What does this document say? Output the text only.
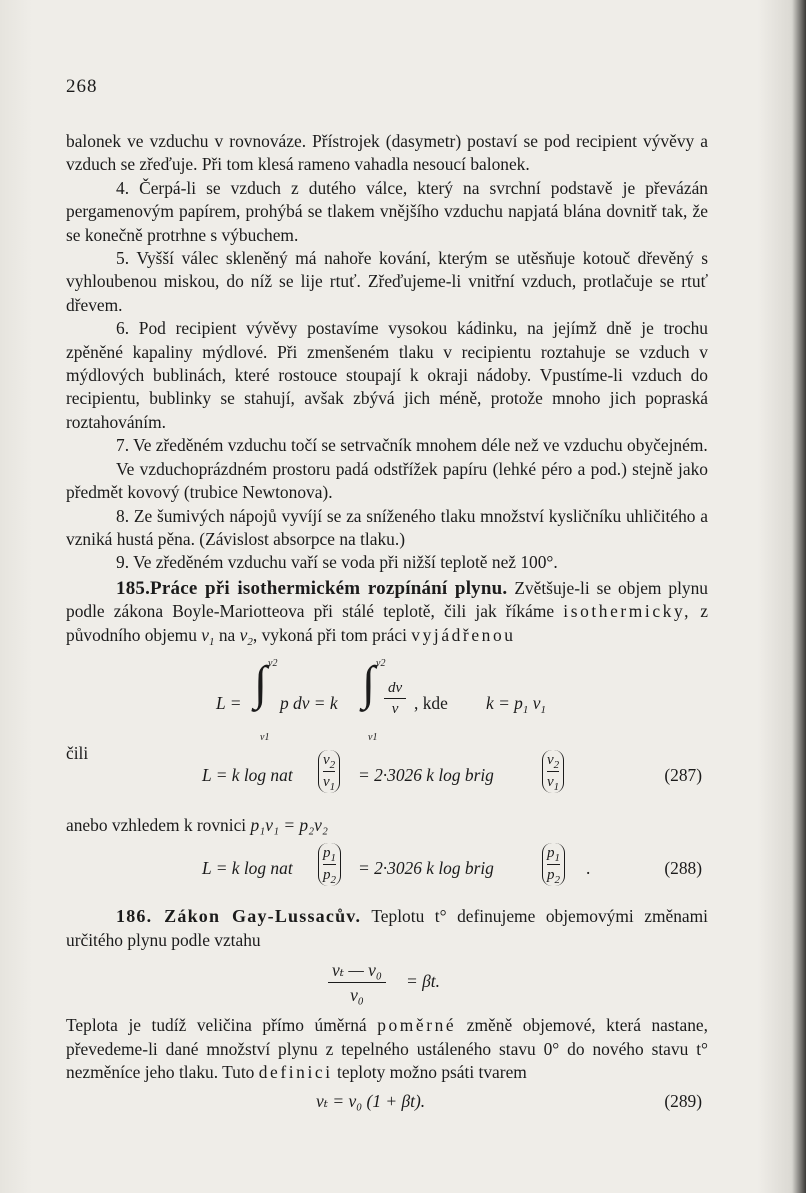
268

balonek ve vzduchu v rovnováze. Přístrojek (dasymetr) postaví se pod recipient vývěvy a vzduch se zřeďuje. Při tom klesá rameno vahadla nesoucí balonek.

4. Čerpá-li se vzduch z dutého válce, který na svrchní podstavě je převázán pergamenovým papírem, prohýbá se tlakem vnějšího vzduchu napjatá blána dovnitř tak, že se konečně protrhne s výbuchem.

5. Vyšší válec skleněný má nahoře kování, kterým se utěsňuje kotouč dřevěný s vyhloubenou miskou, do níž se lije rtuť. Zřeďujeme-li vnitřní vzduch, protlačuje se rtuť dřevem.

6. Pod recipient vývěvy postavíme vysokou kádinku, na jejímž dně je trochu zpěněné kapaliny mýdlové. Při zmenšeném tlaku v recipientu roztahuje se vzduch v mýdlových bublinách, které rostouce stoupají k okraji nádoby. Vpustíme-li vzduch do recipientu, bublinky se stahují, avšak zbývá jich méně, protože mnoho jich popraská roztahováním.

7. Ve zředěném vzduchu točí se setrvačník mnohem déle než ve vzduchu obyčejném.

Ve vzduchoprázdném prostoru padá odstřížek papíru (lehké péro a pod.) stejně jako předmět kovový (trubice Newtonova).

8. Ze šumivých nápojů vyvíjí se za sníženého tlaku množství kysličníku uhličitého a vzniká hustá pěna. (Závislost absorpce na tlaku.)

9. Ve zředěném vzduchu vaří se voda při nižší teplotě než 100°.

185.Práce při isothermickém rozpínání plynu. Zvětšuje-li se objem plynu podle zákona Boyle-Mariotteova při stálé teplotě, čili jak říkáme isothermicky, z původního objemu $v_1$ na $v_2$, vykoná při tom práci vyjádřenou

L = ∫ v2
v1
p dv = k ∫ v2
v1
$\frac{dv}{v}$ , kde $k = p_1$ $v_1$
čili
L = k log nat $\frac{v_2}{v_1} = 2\cdot 3026$ k log brig	$\frac{v_2}{v_1}$	(287)

anebo vzhledem k rovnici p₁v₁ = p₂v₂

L = k log nat $\frac{p_1}{p_2} = 2\cdot 3026$ k log brig	$\frac{p_1}{p_2}$ .	(288)

186. Zákon Gay-Lussacův. Teplotu t° definujeme objemovými změnami určitého plynu podle vztahu

$\frac{\text{vₜ — v₀}}{\text{v₀}} = \beta t$.

Teplota je tudíž veličina přímo úměrná poměrné změně objemové, která nastane, převedeme-li dané množství plynu z tepelného ustáleného stavu 0° do nového stavu t° nezměníce jeho tlaku. Tuto definici teploty možno psáti tvarem

vₜ = v₀ (1 + βt).	(289)
